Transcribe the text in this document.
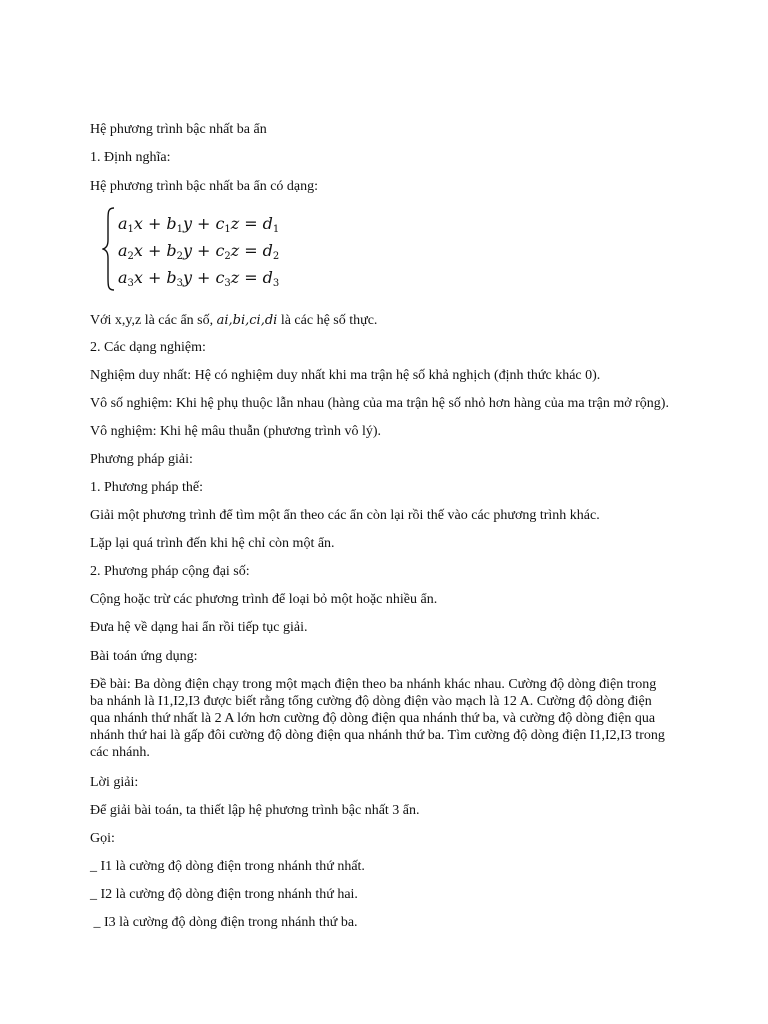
Hệ phương trình bậc nhất ba ẩn

1. Định nghĩa:

Hệ phương trình bậc nhất ba ẩn có dạng:

$a_1x + b_1y + c_1z = d_1$
$a_2x + b_2y + c_2z = d_2$
$a_3x + b_3y + c_3z = d_3$

Với x,y,z là các ẩn số, ai,bi,ci,di là các hệ số thực.

2. Các dạng nghiệm:

Nghiệm duy nhất: Hệ có nghiệm duy nhất khi ma trận hệ số khả nghịch (định thức khác 0).

Vô số nghiệm: Khi hệ phụ thuộc lẫn nhau (hàng của ma trận hệ số nhỏ hơn hàng của ma trận mở rộng).

Vô nghiệm: Khi hệ mâu thuẫn (phương trình vô lý).

Phương pháp giải:

1. Phương pháp thế:

Giải một phương trình để tìm một ẩn theo các ẩn còn lại rồi thế vào các phương trình khác.

Lặp lại quá trình đến khi hệ chỉ còn một ẩn.

2. Phương pháp cộng đại số:

Cộng hoặc trừ các phương trình để loại bỏ một hoặc nhiều ẩn.

Đưa hệ về dạng hai ẩn rồi tiếp tục giải.

Bài toán ứng dụng:

Đề bài: Ba dòng điện chạy trong một mạch điện theo ba nhánh khác nhau. Cường độ dòng điện trong ba nhánh là I1,I2,I3 được biết rằng tổng cường độ dòng điện vào mạch là 12 A. Cường độ dòng điện qua nhánh thứ nhất là 2 A lớn hơn cường độ dòng điện qua nhánh thứ ba, và cường độ dòng điện qua nhánh thứ hai là gấp đôi cường độ dòng điện qua nhánh thứ ba. Tìm cường độ dòng điện I1,I2,I3 trong các nhánh.

Lời giải:

Để giải bài toán, ta thiết lập hệ phương trình bậc nhất 3 ẩn.

Gọi:

_ I1 là cường độ dòng điện trong nhánh thứ nhất.

_ I2 là cường độ dòng điện trong nhánh thứ hai.

_ I3 là cường độ dòng điện trong nhánh thứ ba.
